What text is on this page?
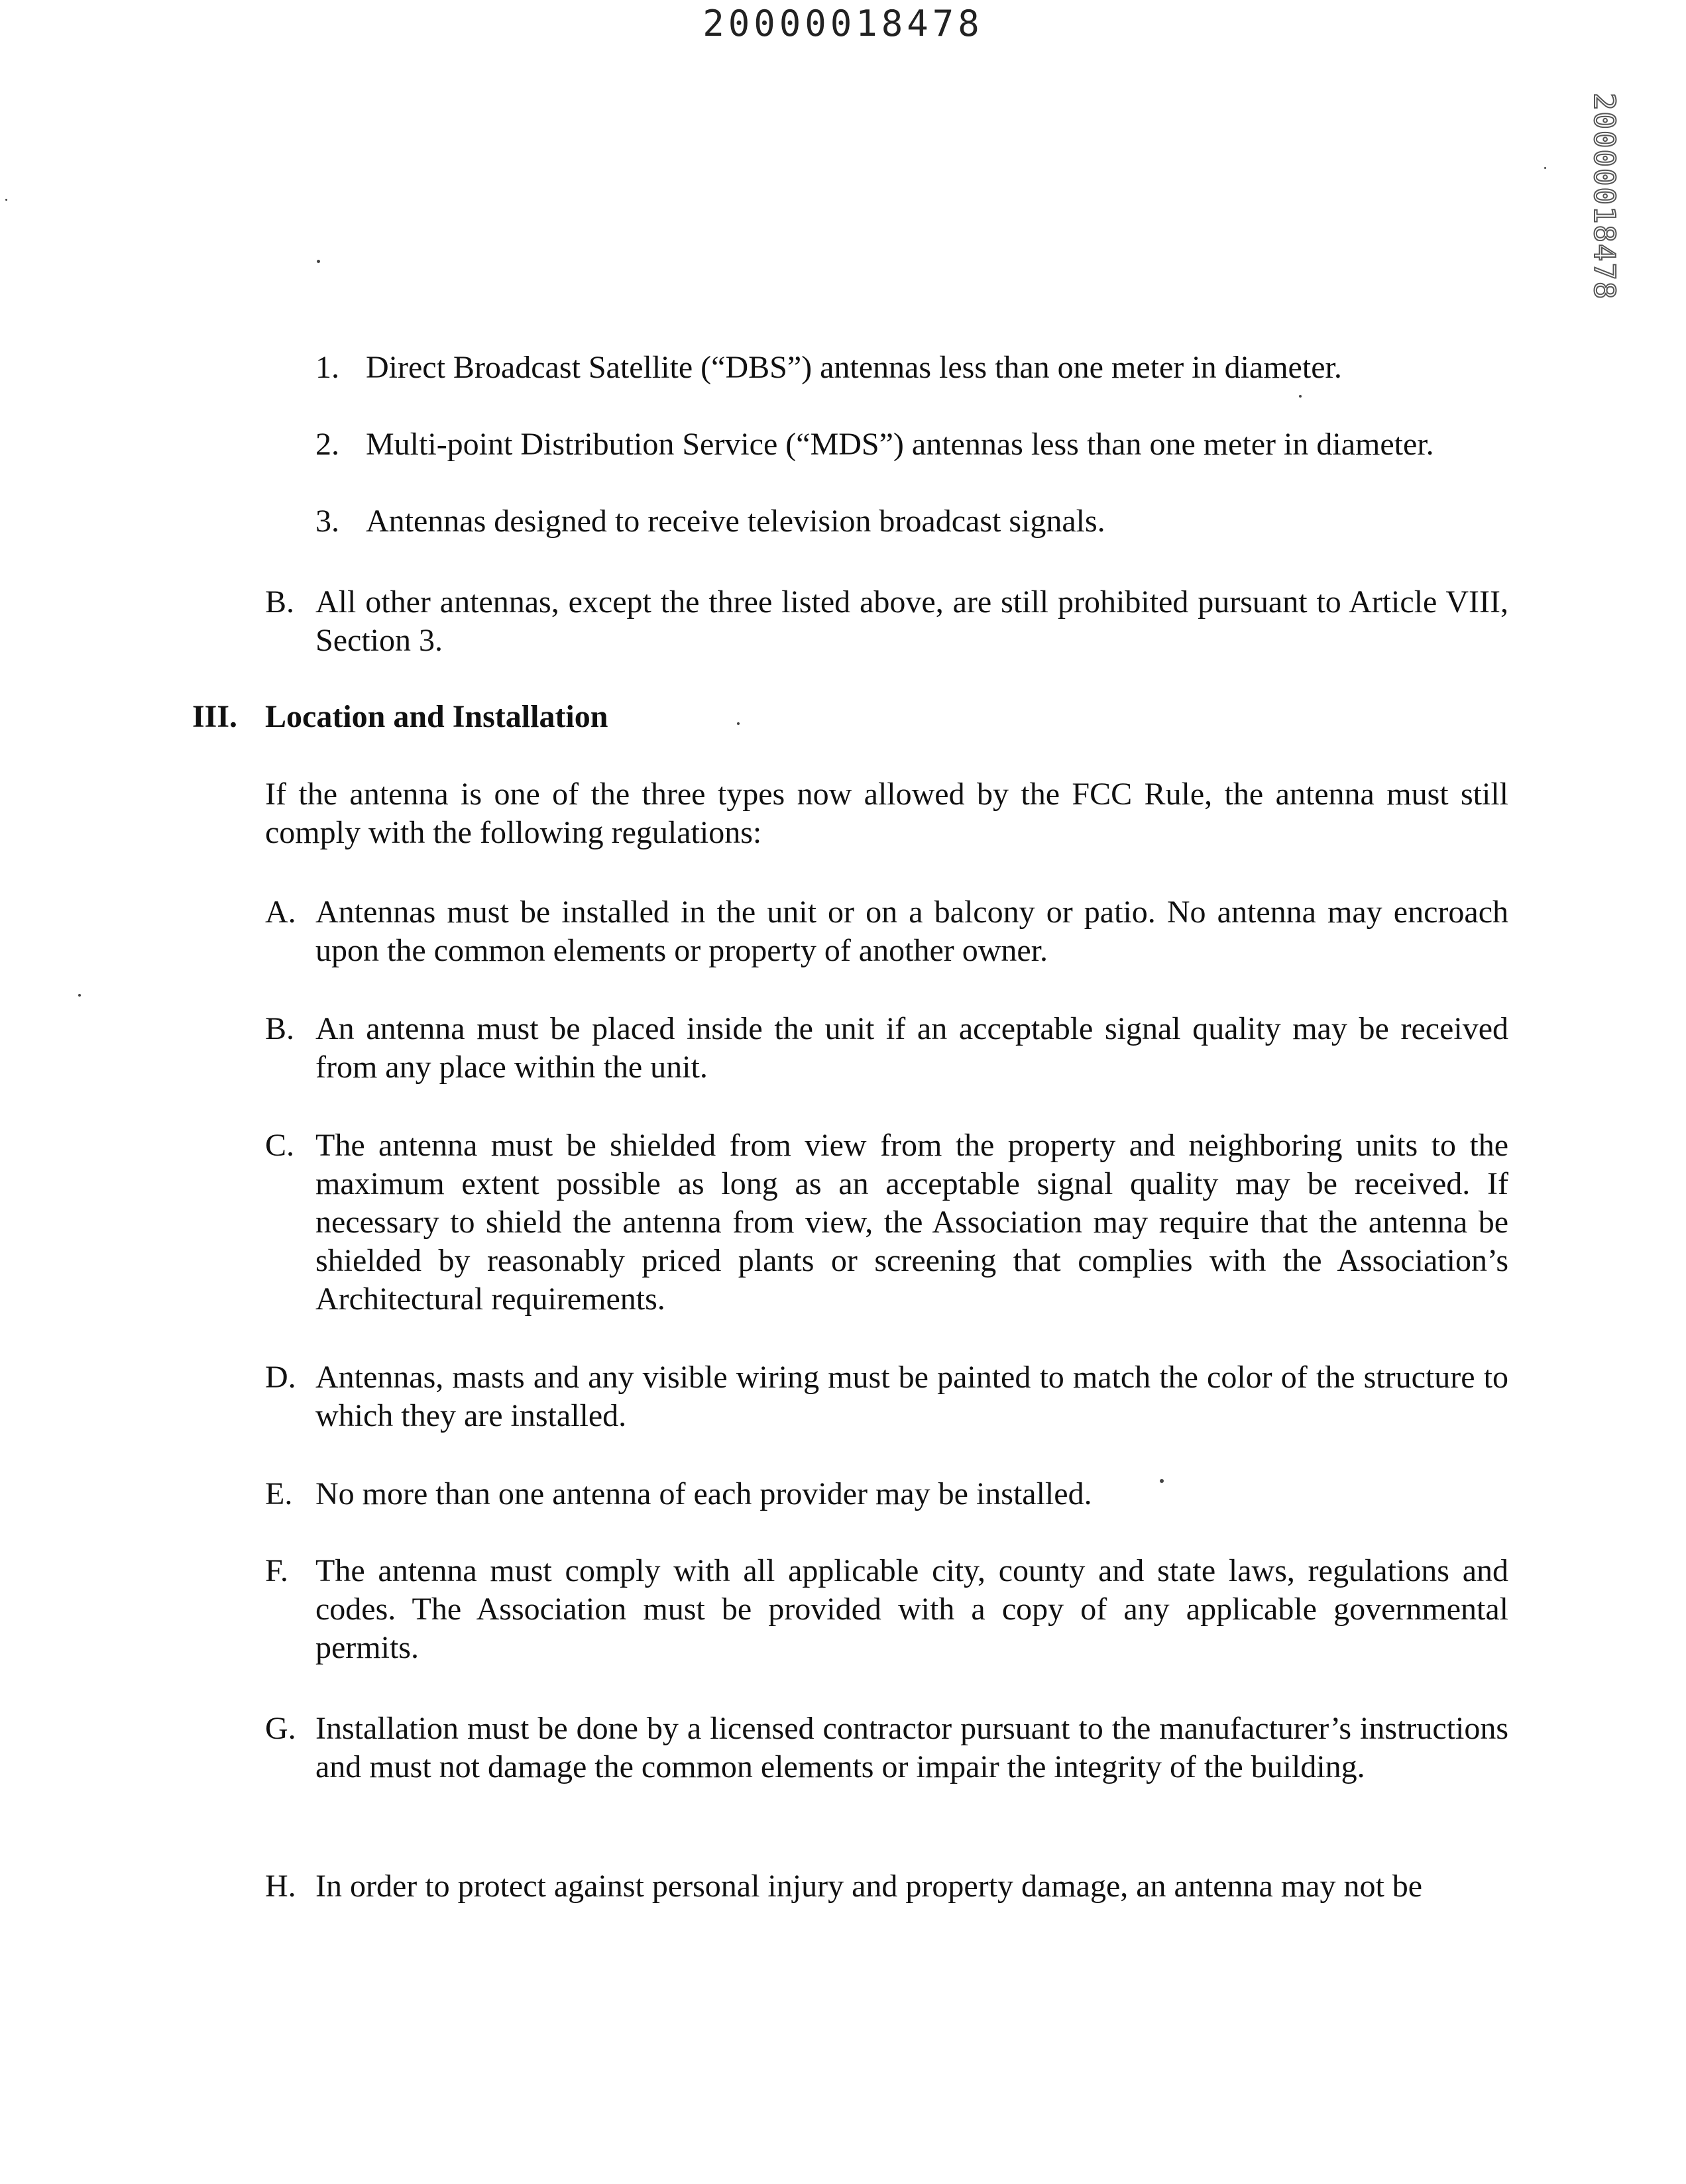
20000018478
20000018478
1. Direct Broadcast Satellite (“DBS”) antennas less than one meter in diameter.
2. Multi-point Distribution Service (“MDS”) antennas less than one meter in diameter.
3. Antennas designed to receive television broadcast signals.
B. All other antennas, except the three listed above, are still prohibited pursuant to Article VIII, Section 3.
III. Location and Installation
If the antenna is one of the three types now allowed by the FCC Rule, the antenna must still comply with the following regulations:
A. Antennas must be installed in the unit or on a balcony or patio. No antenna may encroach upon the common elements or property of another owner.
B. An antenna must be placed inside the unit if an acceptable signal quality may be received from any place within the unit.
C. The antenna must be shielded from view from the property and neighboring units to the maximum extent possible as long as an acceptable signal quality may be received. If necessary to shield the antenna from view, the Association may require that the antenna be shielded by reasonably priced plants or screening that complies with the Association’s Architectural requirements.
D. Antennas, masts and any visible wiring must be painted to match the color of the structure to which they are installed.
E. No more than one antenna of each provider may be installed.
F. The antenna must comply with all applicable city, county and state laws, regulations and codes. The Association must be provided with a copy of any applicable governmental permits.
G. Installation must be done by a licensed contractor pursuant to the manufacturer’s instructions and must not damage the common elements or impair the integrity of the building.
H. In order to protect against personal injury and property damage, an antenna may not be
